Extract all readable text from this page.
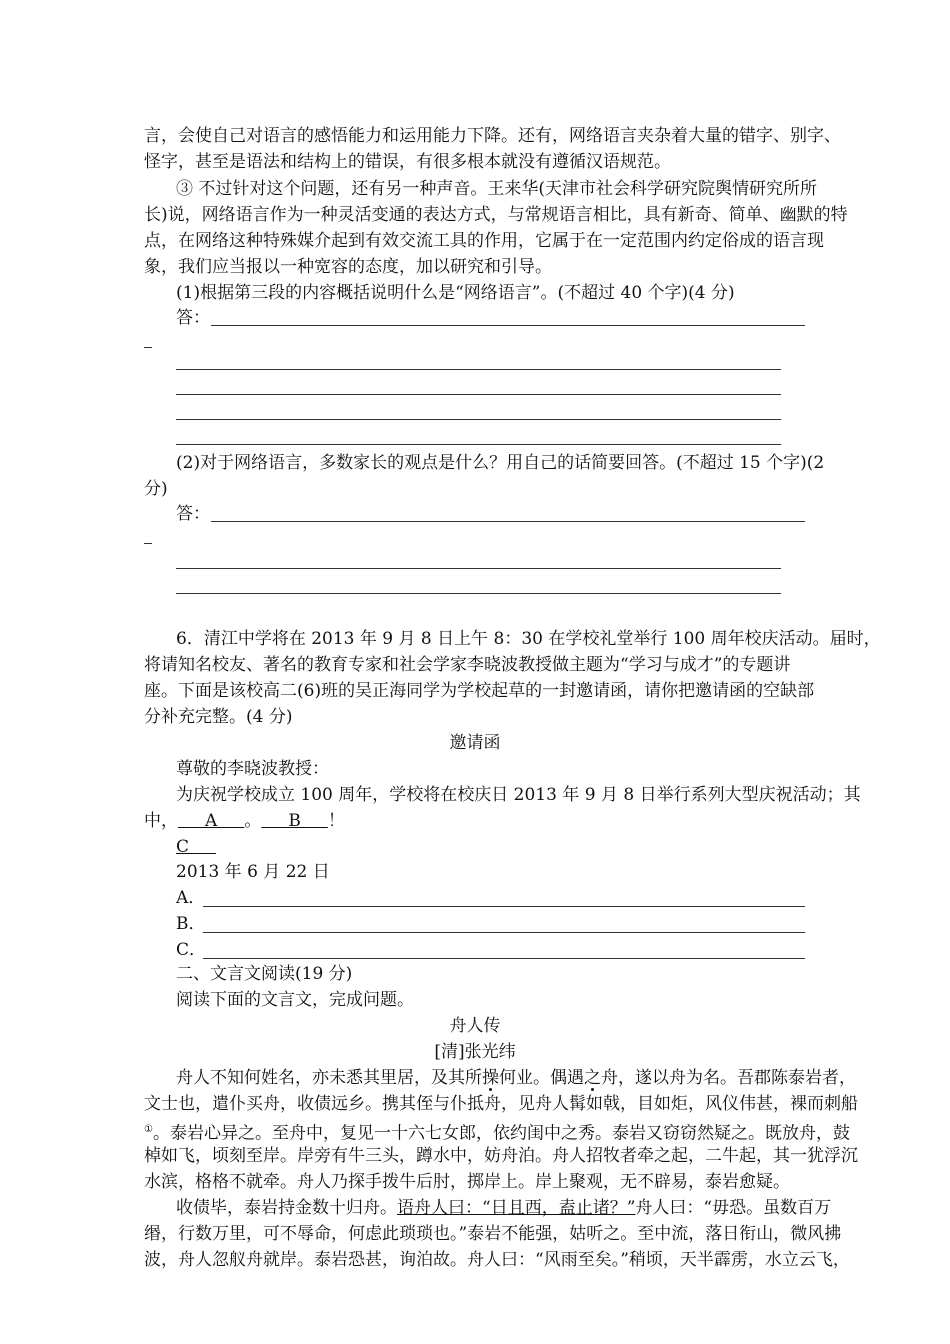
言，会使自己对语言的感悟能力和运用能力下降。还有，网络语言夹杂着大量的错字、别字、
怪字，甚至是语法和结构上的错误，有很多根本就没有遵循汉语规范。
③ 不过针对这个问题，还有另一种声音。王来华(天津市社会科学研究院舆情研究所所
长)说，网络语言作为一种灵活变通的表达方式，与常规语言相比，具有新奇、简单、幽默的特
点，在网络这种特殊媒介起到有效交流工具的作用，它属于在一定范围内约定俗成的语言现
象，我们应当报以一种宽容的态度，加以研究和引导。
(1)根据第三段的内容概括说明什么是“网络语言”。(不超过 40 个字)(4 分)
答：
(2)对于网络语言，多数家长的观点是什么？用自己的话简要回答。(不超过 15 个字)(2
分)
答：
6．清江中学将在 2013 年 9 月 8 日上午 8：30 在学校礼堂举行 100 周年校庆活动。届时，
将请知名校友、著名的教育专家和社会学家李晓波教授做主题为“学习与成才”的专题讲
座。下面是该校高二(6)班的吴正海同学为学校起草的一封邀请函，请你把邀请函的空缺部
分补充完整。(4 分)
邀请函
尊敬的李晓波教授：
为庆祝学校成立 100 周年，学校将在校庆日 2013 年 9 月 8 日举行系列大型庆祝活动；其
中，     A     。     B     ！
C
2013 年 6 月 22 日
A．
B．
C．
二、文言文阅读(19 分)
阅读下面的文言文，完成问题。
舟人传
[清]张光纬
舟人不知何姓名，亦未悉其里居，及其所操何业。偶遇之舟，遂以舟为名。吾郡陈泰岩者，
文士也，遣仆买舟，收债远乡。携其侄与仆抵舟，见舟人髯如戟，目如炬，风仪伟甚，裸而刺船
①。泰岩心异之。至舟中，复见一十六七女郎，依约闺中之秀。泰岩又窃窃然疑之。既放舟，鼓
棹如飞，顷刻至岸。岸旁有牛三头，蹲水中，妨舟泊。舟人招牧者牵之起，二牛起，其一犹浮沉
水滨，格格不就牵。舟人乃探手拨牛后肘，掷岸上。岸上聚观，无不辟易，泰岩愈疑。
收债毕，泰岩持金数十归舟。语舟人曰：“日且西，盍止诸？”舟人曰：“毋恐。虽数百万
缗，行数万里，可不辱命，何虑此琐琐也。”泰岩不能强，姑听之。至中流，落日衔山，微风拂
波，舟人忽舣舟就岸。泰岩恐甚，询泊故。舟人曰：“风雨至矣。”稍顷，天半霹雳，水立云飞，
